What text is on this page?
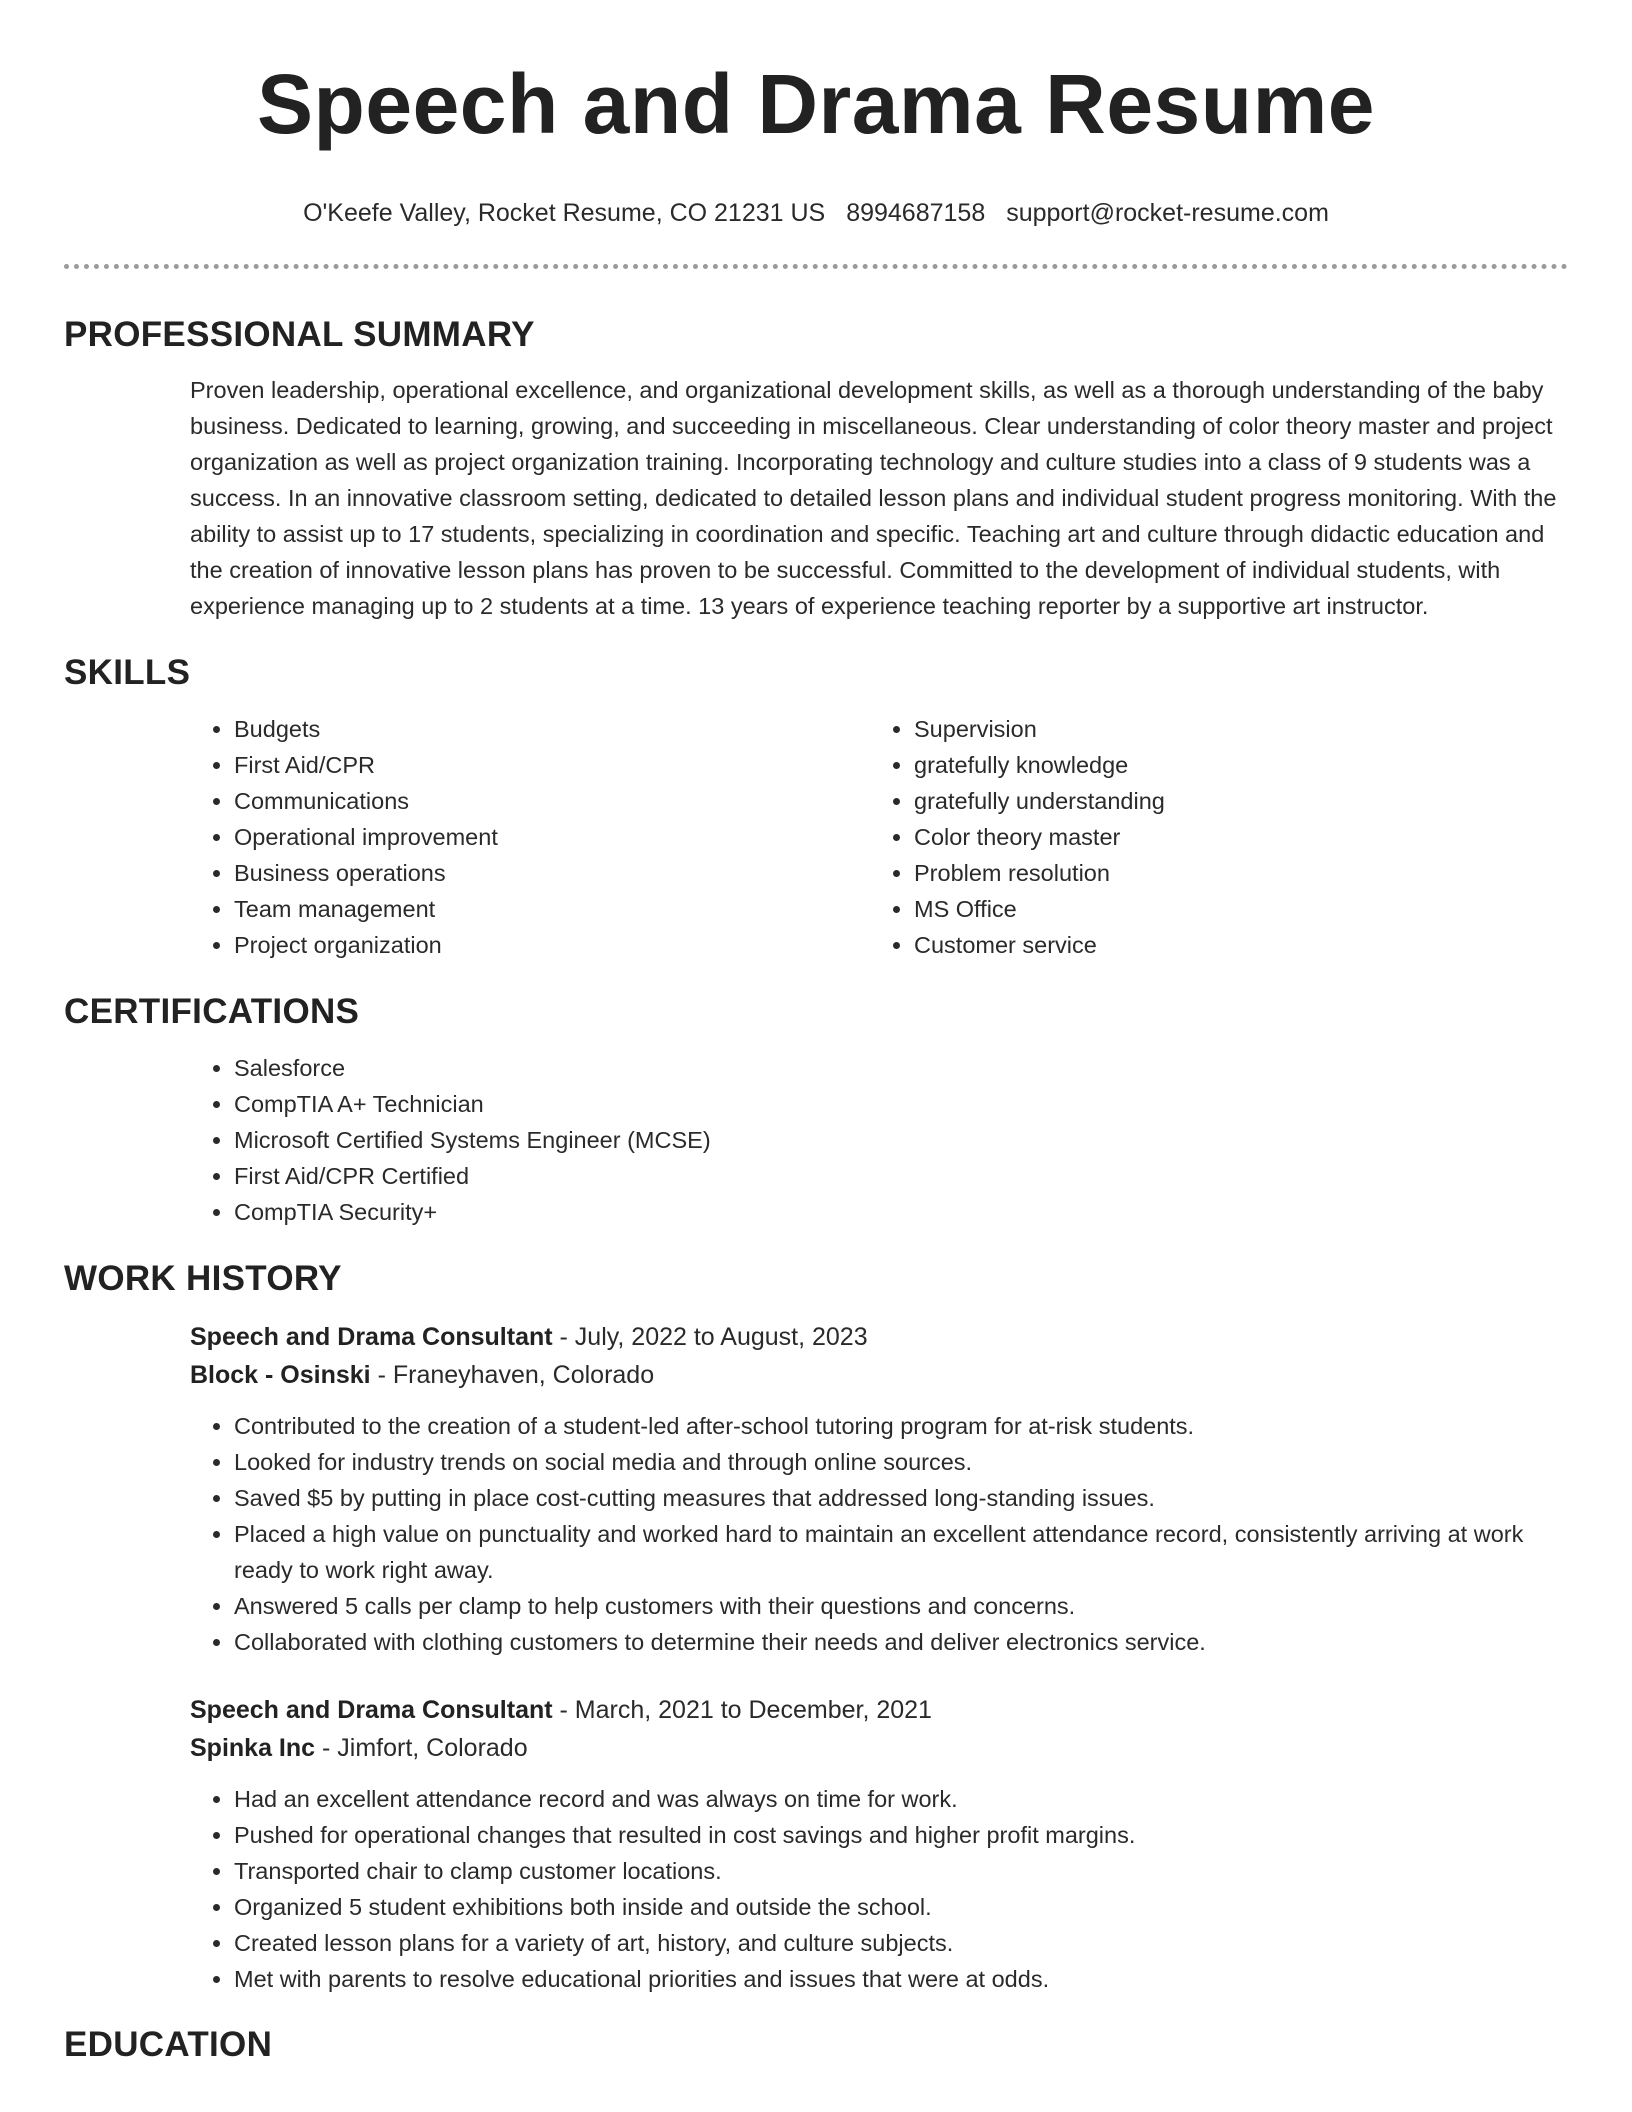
Speech and Drama Resume
O'Keefe Valley, Rocket Resume, CO 21231 US 8994687158 support@rocket-resume.com
PROFESSIONAL SUMMARY

Proven leadership, operational excellence, and organizational development skills, as well as a thorough understanding of the baby business. Dedicated to learning, growing, and succeeding in miscellaneous. Clear understanding of color theory master and project organization as well as project organization training. Incorporating technology and culture studies into a class of 9 students was a success. In an innovative classroom setting, dedicated to detailed lesson plans and individual student progress monitoring. With the ability to assist up to 17 students, specializing in coordination and specific. Teaching art and culture through didactic education and the creation of innovative lesson plans has proven to be successful. Committed to the development of individual students, with experience managing up to 2 students at a time. 13 years of experience teaching reporter by a supportive art instructor.

SKILLS
• Budgets
• First Aid/CPR
• Communications
• Operational improvement
• Business operations
• Team management
• Project organization
• Supervision
• gratefully knowledge
• gratefully understanding
• Color theory master
• Problem resolution
• MS Office
• Customer service
CERTIFICATIONS
• Salesforce
• CompTIA A+ Technician
• Microsoft Certified Systems Engineer (MCSE)
• First Aid/CPR Certified
• CompTIA Security+
WORK HISTORY
Speech and Drama Consultant - July, 2022 to August, 2023
Block - Osinski - Franeyhaven, Colorado
• Contributed to the creation of a student-led after-school tutoring program for at-risk students.
• Looked for industry trends on social media and through online sources.
• Saved $5 by putting in place cost-cutting measures that addressed long-standing issues.
• Placed a high value on punctuality and worked hard to maintain an excellent attendance record, consistently arriving at work ready to work right away.
• Answered 5 calls per clamp to help customers with their questions and concerns.
• Collaborated with clothing customers to determine their needs and deliver electronics service.
Speech and Drama Consultant - March, 2021 to December, 2021
Spinka Inc - Jimfort, Colorado
• Had an excellent attendance record and was always on time for work.
• Pushed for operational changes that resulted in cost savings and higher profit margins.
• Transported chair to clamp customer locations.
• Organized 5 student exhibitions both inside and outside the school.
• Created lesson plans for a variety of art, history, and culture subjects.
• Met with parents to resolve educational priorities and issues that were at odds.
EDUCATION
